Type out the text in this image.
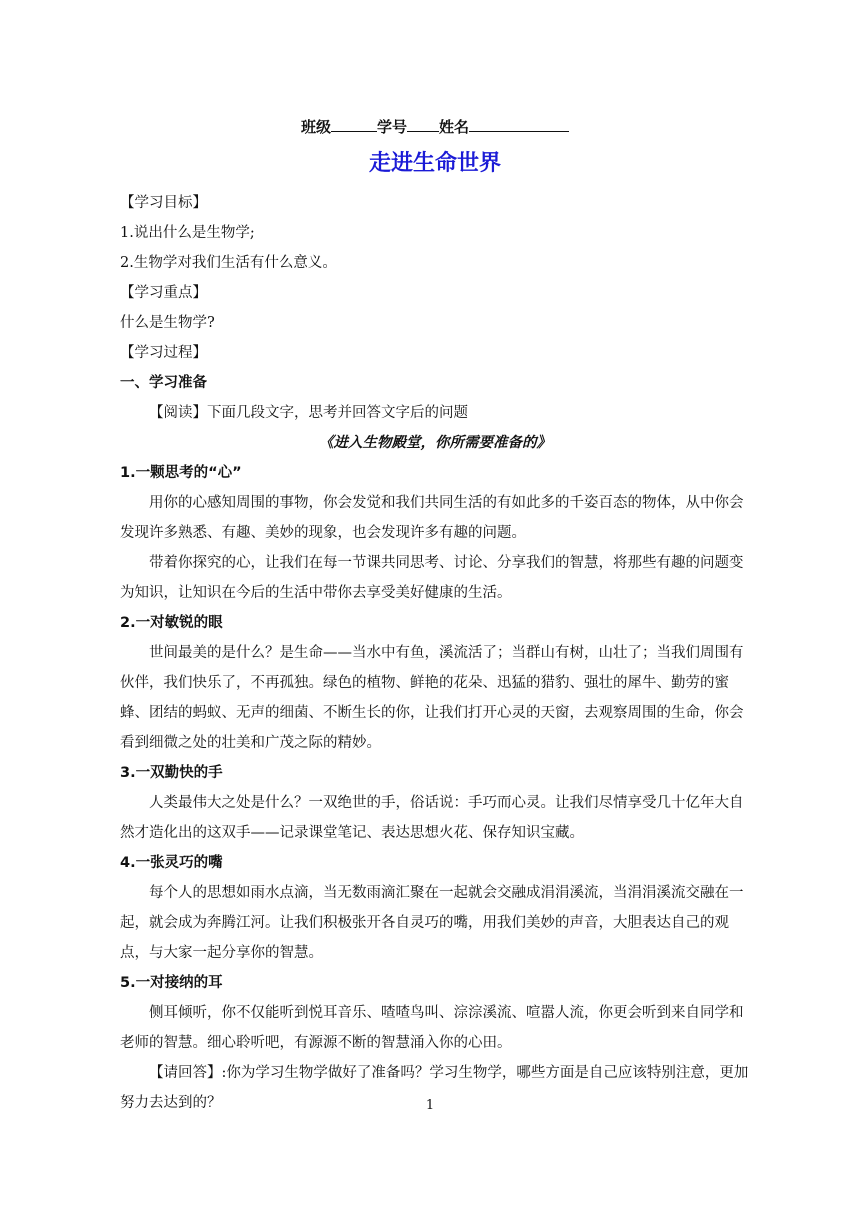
班级	学号 姓名
走进生命世界

【学习目标】

1.说出什么是生物学;

2.生物学对我们生活有什么意义。

【学习重点】

什么是生物学?

【学习过程】

一、学习准备

【阅读】下面几段文字，思考并回答文字后的问题

《进入生物殿堂，你所需要准备的》

1.一颗思考的“心”

用你的心感知周围的事物，你会发觉和我们共同生活的有如此多的千姿百态的物体，从中你会发现许多熟悉、有趣、美妙的现象，也会发现许多有趣的问题。

带着你探究的心，让我们在每一节课共同思考、讨论、分享我们的智慧，将那些有趣的问题变为知识，让知识在今后的生活中带你去享受美好健康的生活。

2.一对敏锐的眼

世间最美的是什么？是生命——当水中有鱼，溪流活了；当群山有树，山壮了；当我们周围有伙伴，我们快乐了，不再孤独。绿色的植物、鲜艳的花朵、迅猛的猎豹、强壮的犀牛、勤劳的蜜蜂、团结的蚂蚁、无声的细菌、不断生长的你，让我们打开心灵的天窗，去观察周围的生命，你会看到细微之处的壮美和广茂之际的精妙。

3.一双勤快的手

人类最伟大之处是什么？一双绝世的手，俗话说：手巧而心灵。让我们尽情享受几十亿年大自然才造化出的这双手——记录课堂笔记、表达思想火花、保存知识宝藏。

4.一张灵巧的嘴

每个人的思想如雨水点滴，当无数雨滴汇聚在一起就会交融成涓涓溪流，当涓涓溪流交融在一起，就会成为奔腾江河。让我们积极张开各自灵巧的嘴，用我们美妙的声音，大胆表达自己的观点，与大家一起分享你的智慧。

5.一对接纳的耳

侧耳倾听，你不仅能听到悦耳音乐、喳喳鸟叫、淙淙溪流、喧嚣人流，你更会听到来自同学和老师的智慧。细心聆听吧，有源源不断的智慧涌入你的心田。

【请回答】:你为学习生物学做好了准备吗？学习生物学，哪些方面是自己应该特别注意，更加努力去达到的？	1
